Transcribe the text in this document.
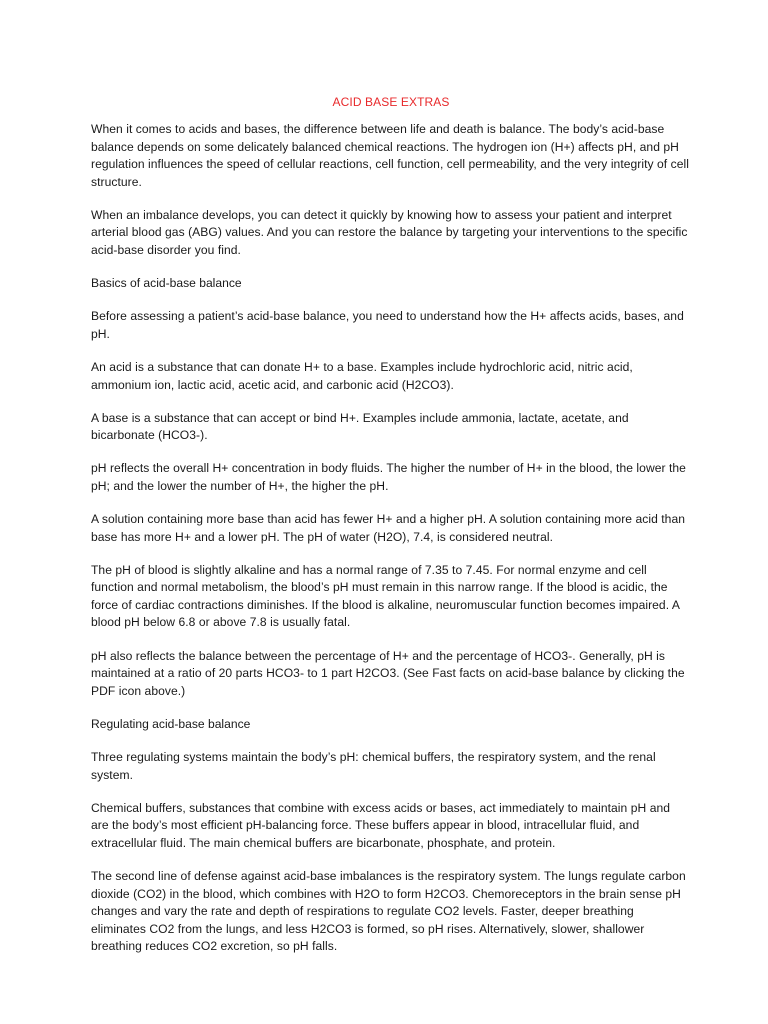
ACID BASE EXTRAS

When it comes to acids and bases, the difference between life and death is balance. The body’s acid-base balance depends on some delicately balanced chemical reactions. The hydrogen ion (H+) affects pH, and pH regulation influences the speed of cellular reactions, cell function, cell permeability, and the very integrity of cell structure.

When an imbalance develops, you can detect it quickly by knowing how to assess your patient and interpret arterial blood gas (ABG) values. And you can restore the balance by targeting your interventions to the specific acid-base disorder you find.

Basics of acid-base balance

Before assessing a patient’s acid-base balance, you need to understand how the H+ affects acids, bases, and pH.

An acid is a substance that can donate H+ to a base. Examples include hydrochloric acid, nitric acid, ammonium ion, lactic acid, acetic acid, and carbonic acid (H2CO3).

A base is a substance that can accept or bind H+. Examples include ammonia, lactate, acetate, and bicarbonate (HCO3-).

pH reflects the overall H+ concentration in body fluids. The higher the number of H+ in the blood, the lower the pH; and the lower the number of H+, the higher the pH.

A solution containing more base than acid has fewer H+ and a higher pH. A solution containing more acid than base has more H+ and a lower pH. The pH of water (H2O), 7.4, is considered neutral.

The pH of blood is slightly alkaline and has a normal range of 7.35 to 7.45. For normal enzyme and cell function and normal metabolism, the blood’s pH must remain in this narrow range. If the blood is acidic, the force of cardiac contractions diminishes. If the blood is alkaline, neuromuscular function becomes impaired. A blood pH below 6.8 or above 7.8 is usually fatal.

pH also reflects the balance between the percentage of H+ and the percentage of HCO3-. Generally, pH is maintained at a ratio of 20 parts HCO3- to 1 part H2CO3. (See Fast facts on acid-base balance by clicking the PDF icon above.)

Regulating acid-base balance

Three regulating systems maintain the body’s pH: chemical buffers, the respiratory system, and the renal system.

Chemical buffers, substances that combine with excess acids or bases, act immediately to maintain pH and are the body’s most efficient pH-balancing force. These buffers appear in blood, intracellular fluid, and extracellular fluid. The main chemical buffers are bicarbonate, phosphate, and protein.

The second line of defense against acid-base imbalances is the respiratory system. The lungs regulate carbon dioxide (CO2) in the blood, which combines with H2O to form H2CO3. Chemoreceptors in the brain sense pH changes and vary the rate and depth of respirations to regulate CO2 levels. Faster, deeper breathing eliminates CO2 from the lungs, and less H2CO3 is formed, so pH rises. Alternatively, slower, shallower breathing reduces CO2 excretion, so pH falls.
